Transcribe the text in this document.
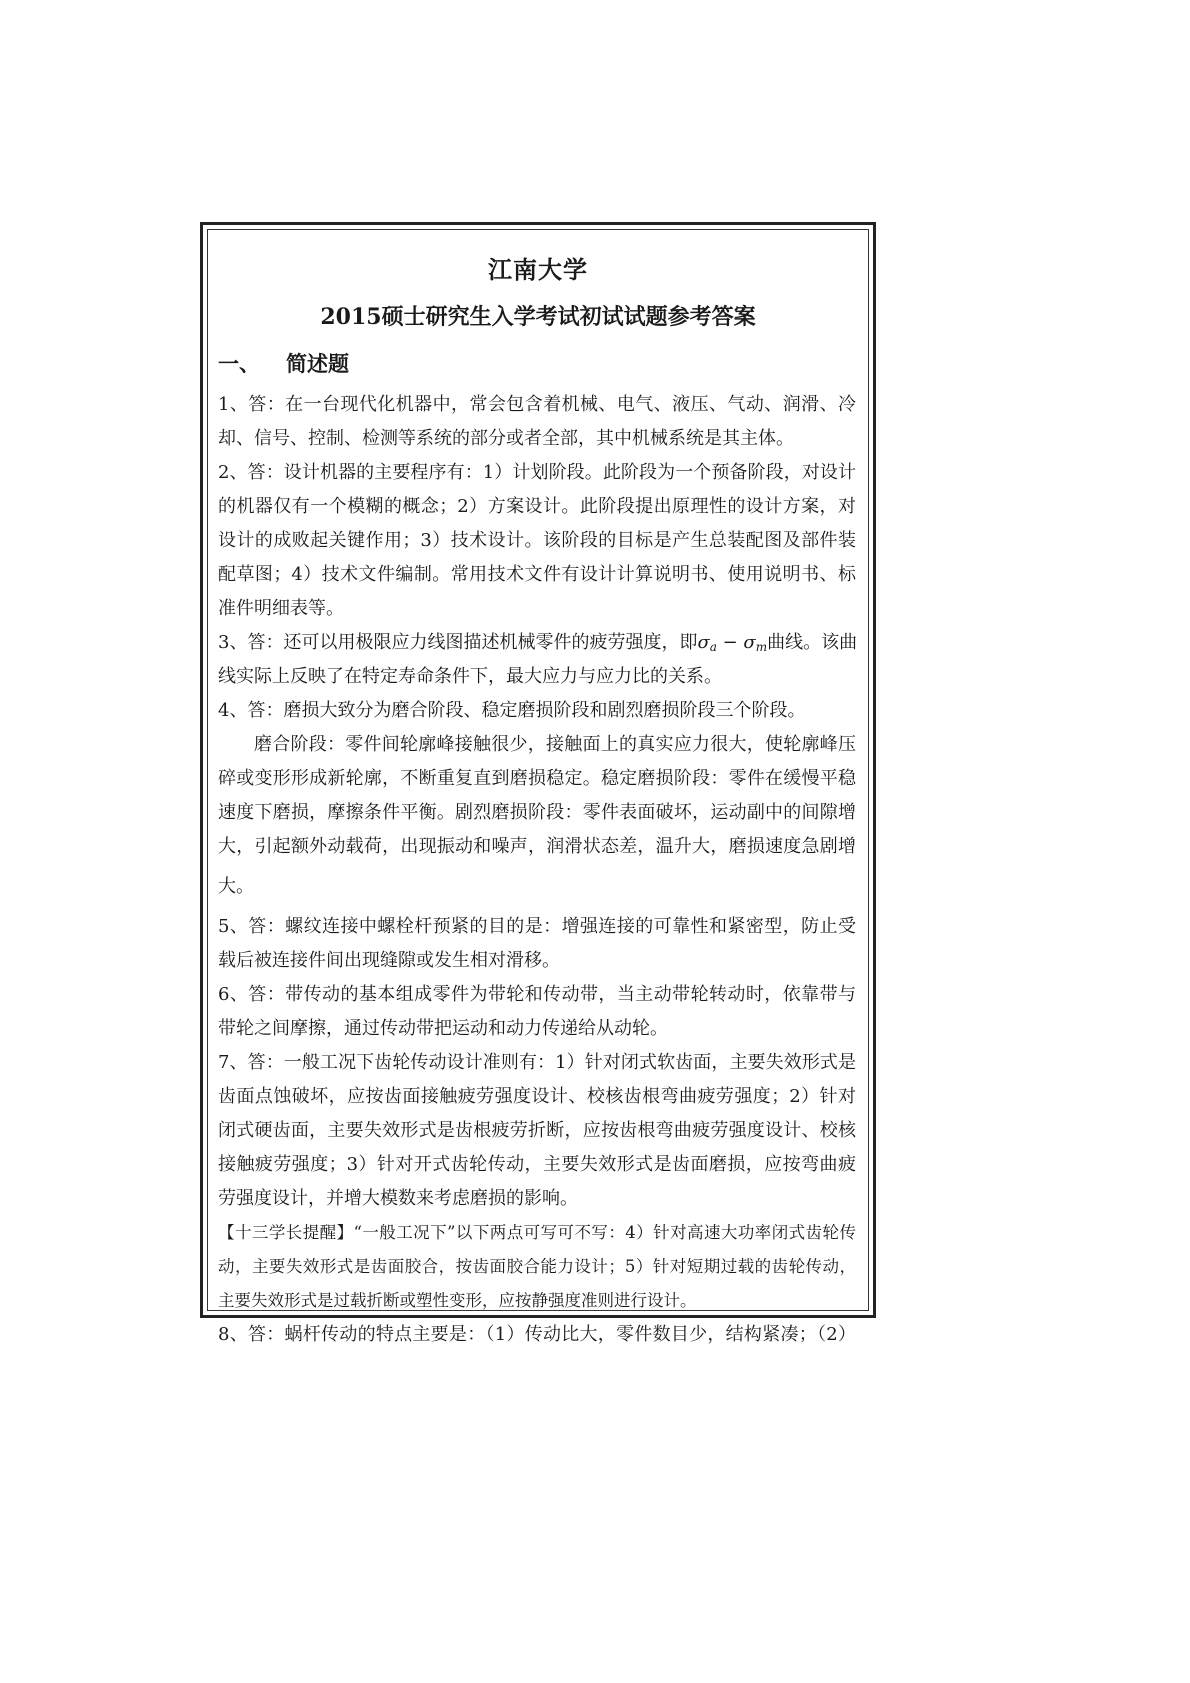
江南大学
2015硕士研究生入学考试初试试题参考答案
一、 简述题
1、答：在一台现代化机器中，常会包含着机械、电气、液压、气动、润滑、冷
却、信号、控制、检测等系统的部分或者全部，其中机械系统是其主体。
2、答：设计机器的主要程序有：1）计划阶段。此阶段为一个预备阶段，对设计
的机器仅有一个模糊的概念；2）方案设计。此阶段提出原理性的设计方案，对
设计的成败起关键作用；3）技术设计。该阶段的目标是产生总装配图及部件装
配草图；4）技术文件编制。常用技术文件有设计计算说明书、使用说明书、标
准件明细表等。
3、答：还可以用极限应力线图描述机械零件的疲劳强度，即$\sigma_a - \sigma_m$曲线。该曲
线实际上反映了在特定寿命条件下，最大应力与应力比的关系。
4、答：磨损大致分为磨合阶段、稳定磨损阶段和剧烈磨损阶段三个阶段。
磨合阶段：零件间轮廓峰接触很少，接触面上的真实应力很大，使轮廓峰压
碎或变形形成新轮廓，不断重复直到磨损稳定。稳定磨损阶段：零件在缓慢平稳
速度下磨损，摩擦条件平衡。剧烈磨损阶段：零件表面破坏，运动副中的间隙增
大，引起额外动载荷，出现振动和噪声，润滑状态差，温升大，磨损速度急剧增
大。
5、答：螺纹连接中螺栓杆预紧的目的是：增强连接的可靠性和紧密型，防止受
载后被连接件间出现缝隙或发生相对滑移。
6、答：带传动的基本组成零件为带轮和传动带，当主动带轮转动时，依靠带与
带轮之间摩擦，通过传动带把运动和动力传递给从动轮。
7、答：一般工况下齿轮传动设计准则有：1）针对闭式软齿面，主要失效形式是
齿面点蚀破坏，应按齿面接触疲劳强度设计、校核齿根弯曲疲劳强度；2）针对
闭式硬齿面，主要失效形式是齿根疲劳折断，应按齿根弯曲疲劳强度设计、校核
接触疲劳强度；3）针对开式齿轮传动，主要失效形式是齿面磨损，应按弯曲疲
劳强度设计，并增大模数来考虑磨损的影响。
【十三学长提醒】“一般工况下”以下两点可写可不写：4）针对高速大功率闭式齿轮传
动，主要失效形式是齿面胶合，按齿面胶合能力设计；5）针对短期过载的齿轮传动，
主要失效形式是过载折断或塑性变形，应按静强度准则进行设计。
8、答：蜗杆传动的特点主要是：（1）传动比大，零件数目少，结构紧凑；（2）
